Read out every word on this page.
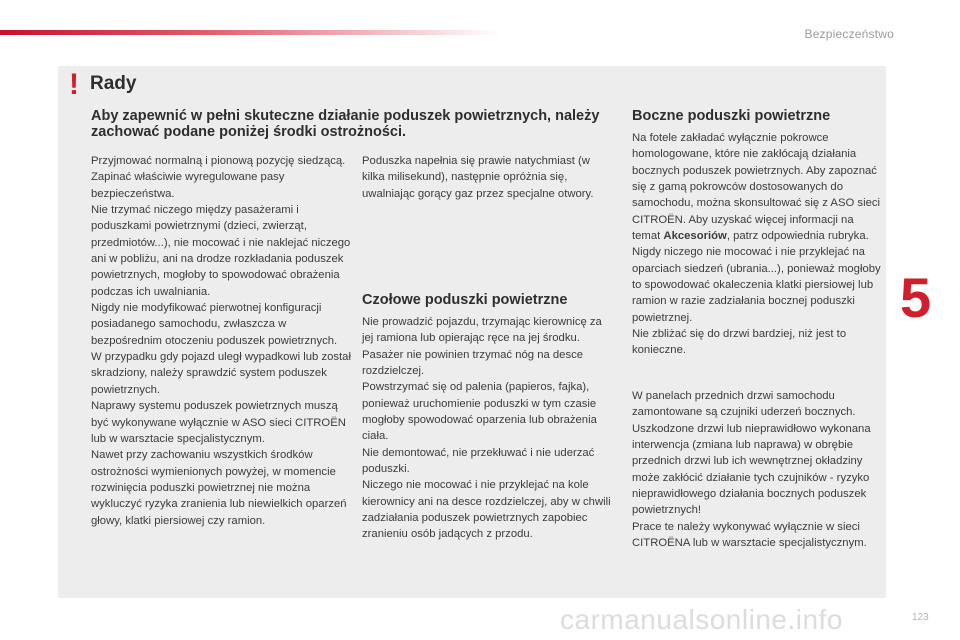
Bezpieczeństwo
! Rady
Aby zapewnić w pełni skuteczne działanie poduszek powietrznych, należy zachować podane poniżej środki ostrożności.

Przyjmować normalną i pionową pozycję siedzącą.

Zapinać właściwie wyregulowane pasy bezpieczeństwa.

Nie trzymać niczego między pasażerami i poduszkami powietrznymi (dzieci, zwierząt, przedmiotów...), nie mocować i nie naklejać niczego ani w pobliżu, ani na drodze rozkładania poduszek powietrznych, mogłoby to spowodować obrażenia podczas ich uwalniania.

Nigdy nie modyfikować pierwotnej konfiguracji posiadanego samochodu, zwłaszcza w bezpośrednim otoczeniu poduszek powietrznych.

W przypadku gdy pojazd uległ wypadkowi lub został skradziony, należy sprawdzić system poduszek powietrznych.

Naprawy systemu poduszek powietrznych muszą być wykonywane wyłącznie w ASO sieci CITROËN lub w warsztacie specjalistycznym.

Nawet przy zachowaniu wszystkich środków ostrożności wymienionych powyżej, w momencie rozwinięcia poduszki powietrznej nie można wykluczyć ryzyka zranienia lub niewielkich oparzeń głowy, klatki piersiowej czy ramion.

Poduszka napełnia się prawie natychmiast (w kilka milisekund), następnie opróżnia się, uwalniając gorący gaz przez specjalne otwory.

Czołowe poduszki powietrzne

Nie prowadzić pojazdu, trzymając kierownicę za jej ramiona lub opierając ręce na jej środku.

Pasażer nie powinien trzymać nóg na desce rozdzielczej.

Powstrzymać się od palenia (papieros, fajka), ponieważ uruchomienie poduszki w tym czasie mogłoby spowodować oparzenia lub obrażenia ciała.

Nie demontować, nie przekłuwać i nie uderzać poduszki.

Niczego nie mocować i nie przyklejać na kole kierownicy ani na desce rozdzielczej, aby w chwili zadziałania poduszek powietrznych zapobiec zranieniu osób jadących z przodu.

Boczne poduszki powietrzne

Na fotele zakładać wyłącznie pokrowce homologowane, które nie zakłócają działania bocznych poduszek powietrznych. Aby zapoznać się z gamą pokrowców dostosowanych do samochodu, można skonsultować się z ASO sieci CITROËN. Aby uzyskać więcej informacji na temat Akcesoriów, patrz odpowiednia rubryka.

Nigdy niczego nie mocować i nie przyklejać na oparciach siedzeń (ubrania...), ponieważ mogłoby to spowodować okaleczenia klatki piersiowej lub ramion w razie zadziałania bocznej poduszki powietrznej.

Nie zbliżać się do drzwi bardziej, niż jest to konieczne.

W panelach przednich drzwi samochodu zamontowane są czujniki uderzeń bocznych.

Uszkodzone drzwi lub nieprawidłowo wykonana interwencja (zmiana lub naprawa) w obrębie przednich drzwi lub ich wewnętrznej okładziny może zakłócić działanie tych czujników - ryzyko nieprawidłowego działania bocznych poduszek powietrznych!

Prace te należy wykonywać wyłącznie w sieci CITROËNA lub w warsztacie specjalistycznym.

5
carmanualsonline.info	123
